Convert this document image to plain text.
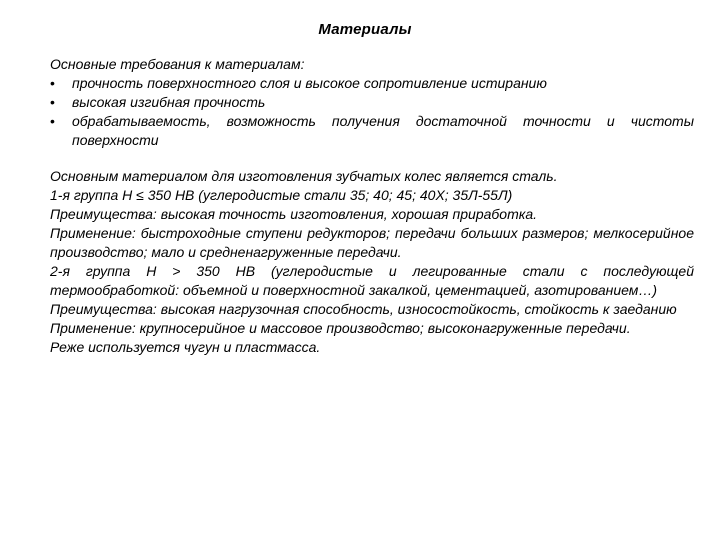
Материалы

Основные требования к материалам:

• прочность поверхностного слоя и высокое сопротивление истиранию
• высокая изгибная прочность
• обрабатываемость, возможность получения достаточной точности и чистоты поверхности

Основным материалом для изготовления зубчатых колес является сталь.

1-я группа H ≤ 350 HB (углеродистые стали 35; 40; 45; 40Х; 35Л-55Л)

Преимущества: высокая точность изготовления, хорошая приработка.

Применение: быстроходные ступени редукторов; передачи больших размеров; мелкосерийное производство; мало и средненагруженные передачи.

2-я группа H > 350 HB (углеродистые и легированные стали с последующей термообработкой: объемной и поверхностной закалкой, цементацией, азотированием…)

Преимущества: высокая нагрузочная способность, износостойкость, стойкость к заеданию

Применение: крупносерийное и массовое производство; высоконагруженные передачи.

Реже используется чугун и пластмасса.
